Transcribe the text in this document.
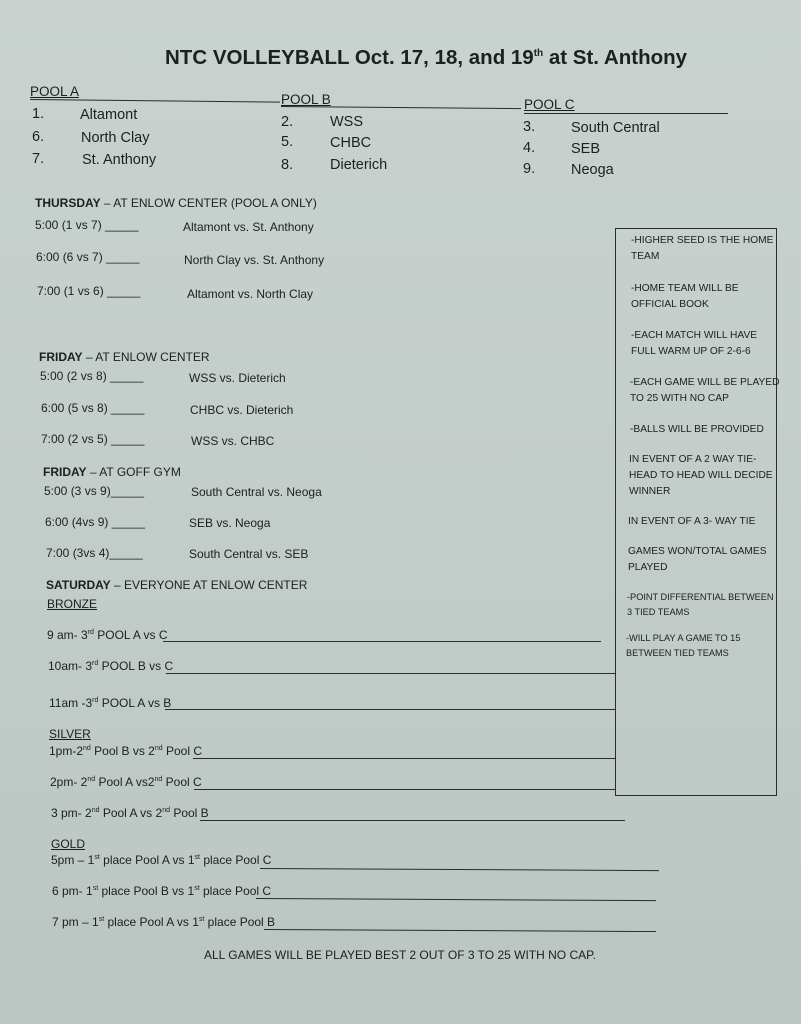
NTC VOLLEYBALL Oct. 17, 18, and 19th at St. Anthony
POOL A
POOL B	POOL C
1. Altamont
6.	North Clay
7.	St. Anthony
2.	WSS
5.	CHBC
8.	Dieterich
3. South Central
4. SEB
9. Neoga
THURSDAY – AT ENLOW CENTER (POOL A ONLY)
5:00 (1 vs 7) _____	Altamont vs. St. Anthony
6:00 (6 vs 7) _____	North Clay vs. St. Anthony
7:00 (1 vs 6) _____	Altamont vs. North Clay
FRIDAY – AT ENLOW CENTER
5:00 (2 vs 8) _____	WSS vs. Dieterich
6:00 (5 vs 8) _____	CHBC vs. Dieterich
7:00 (2 vs 5) _____	WSS vs. CHBC
FRIDAY – AT GOFF GYM
5:00 (3 vs 9)_____	South Central vs. Neoga
6:00 (4vs 9) _____	SEB vs. Neoga
7:00 (3vs 4)_____	South Central vs. SEB
SATURDAY – EVERYONE AT ENLOW CENTER
BRONZE
9 am- 3rd POOL A vs C
10am- 3rd POOL B vs C
11am -3rd POOL A vs B
SILVER
1pm-2nd Pool B vs 2nd Pool C
2pm- 2nd Pool A vs2nd Pool C
3 pm- 2nd Pool A vs 2nd Pool B
GOLD
5pm – 1st place Pool A vs 1st place Pool C
6 pm- 1st place Pool B vs 1st place Pool C
7 pm – 1st place Pool A vs 1st place Pool B
ALL GAMES WILL BE PLAYED BEST 2 OUT OF 3 TO 25 WITH NO CAP.
-HIGHER SEED IS THE HOME TEAM
-HOME TEAM WILL BE OFFICIAL BOOK
-EACH MATCH WILL HAVE FULL WARM UP OF 2-6-6
-EACH GAME WILL BE PLAYED TO 25 WITH NO CAP
-BALLS WILL BE PROVIDED
IN EVENT OF A 2 WAY TIE- HEAD TO HEAD WILL DECIDE WINNER
IN EVENT OF A 3- WAY TIE
GAMES WON/TOTAL GAMES PLAYED
-POINT DIFFERENTIAL BETWEEN 3 TIED TEAMS
-WILL PLAY A GAME TO 15 BETWEEN TIED TEAMS
